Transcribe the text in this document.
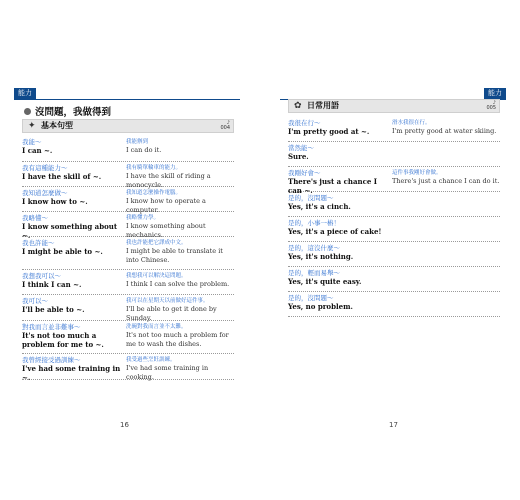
能力
沒問題，我做得到
✦ 基本句型	♪
004
我能～
I can ~.
我能辦到
I can do it.
我有這種能力～
I have the skill of ~.
我有騎單輪車的能力。
I have the skill of riding a monocycle.
我知道怎麼做～
I know how to ~.
我知道怎麼操作電腦。
I know how to operate a computer.
我略懂～
I know something about ~.
我略懂力學。
I know something about mechanics.
我也許能～
I might be able to ~.
我也許能把它譯成中文。
I might be able to translate it into Chinese.
我想我可以～
I think I can ~.
我想我可以解決這問題。
I think I can solve the problem.
我可以～
I'll be able to ~.
我可以在星期天以前做好這件事。
I'll be able to get it done by Sunday.
對我而言並非難事～
It's not too much a problem for me to ~.
洗碗對我而言並不太難。
It's not too much a problem for me to wash the dishes.
我曾經接受過訓練～
I've had some training in ~.
我受過些烹飪訓練。
I've had some training in cooking.
16
能力
✿ 日常用語	♪
005
我很在行～
I'm pretty good at ~.
滑水我很在行。
I'm pretty good at water skiing.
當然能～
Sure.
我剛好會～
There's just a chance I can ~.
這件事我剛好會做。
There's just a chance I can do it.
是的，沒問題～
Yes, it's a cinch.
是的，小事一樁！
Yes, it's a piece of cake!
是的，這沒什麼～
Yes, it's nothing.
是的，輕而易舉～
Yes, it's quite easy.
是的，沒問題～
Yes, no problem.
17
